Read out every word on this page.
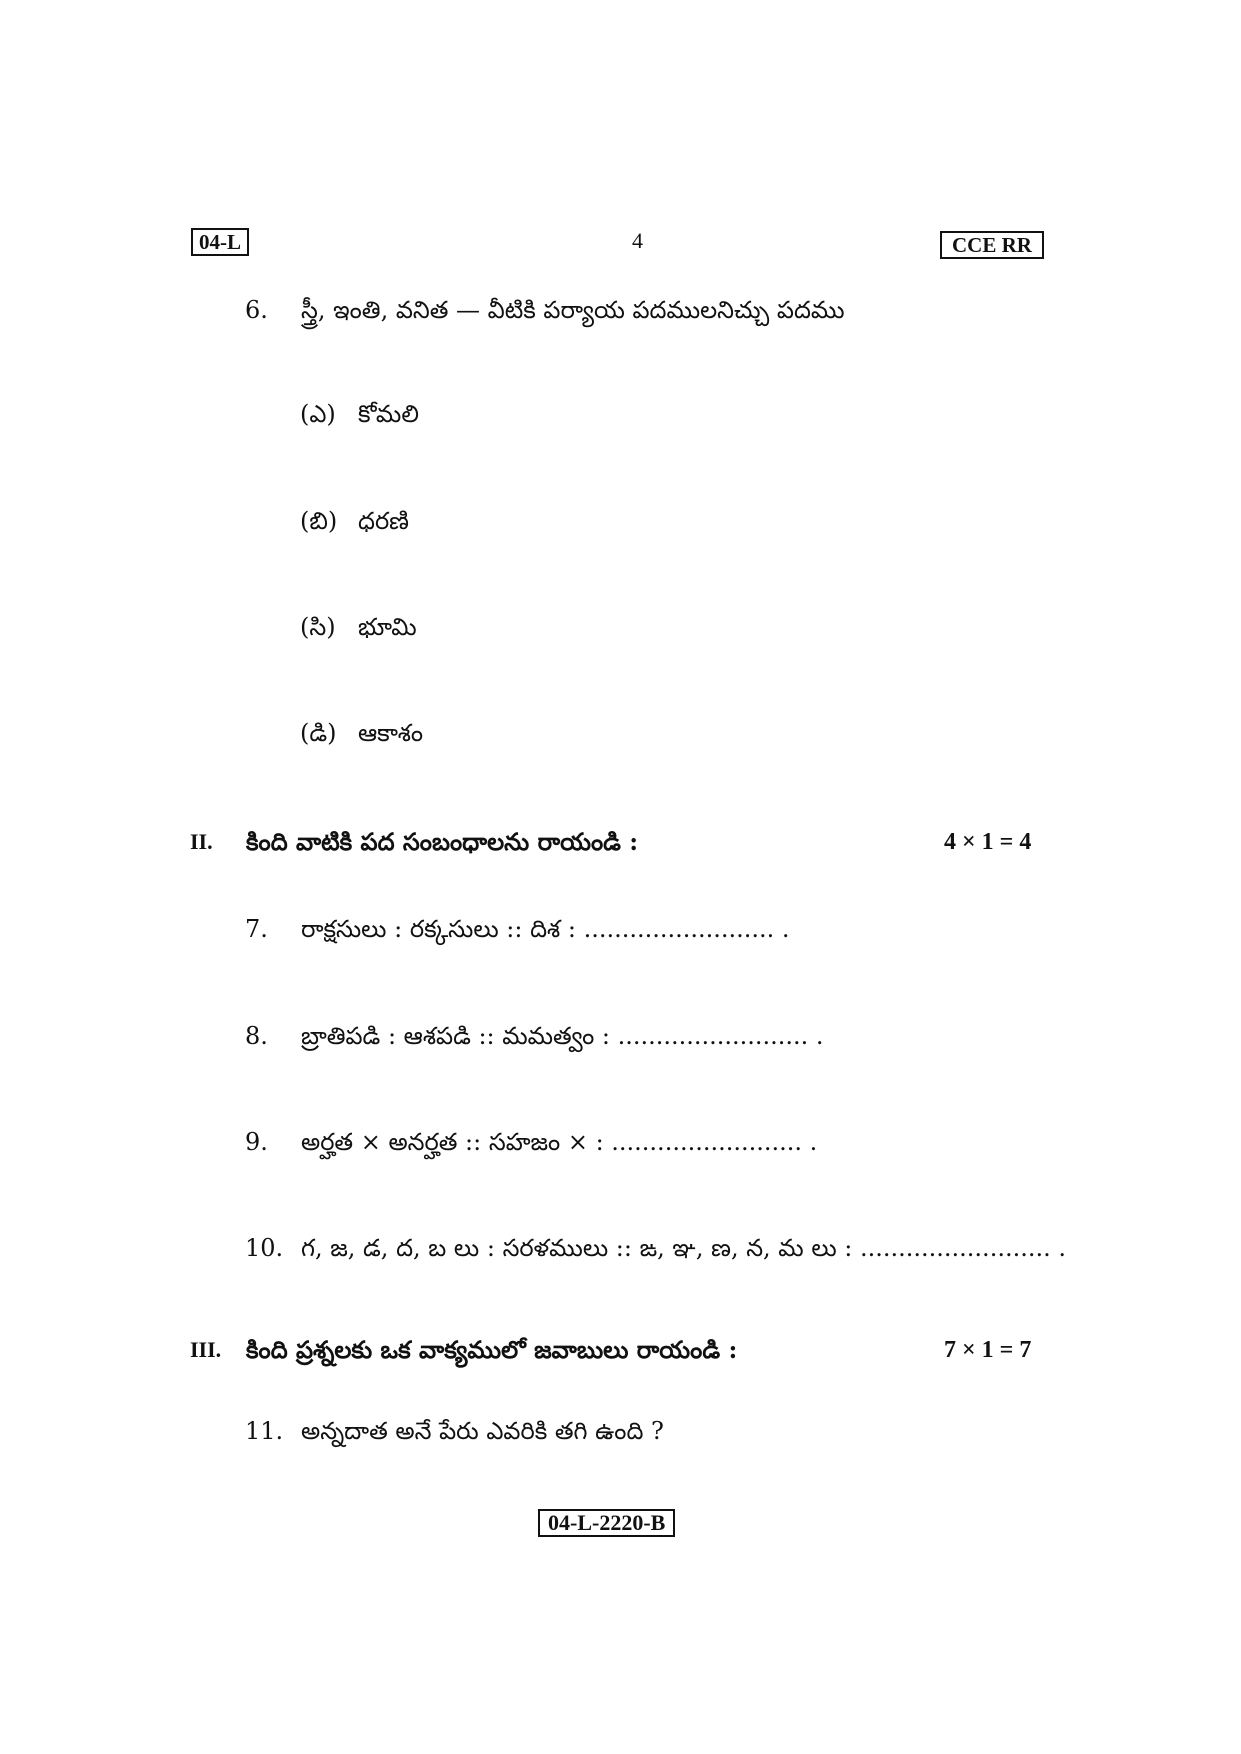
04-L	4	CCE RR
6. స్త్రీ, ఇంతి, వనిత — వీటికి పర్యాయ పదములనిచ్చు పదము
(ఎ) కోమలి
(బి) ధరణి
(సి) భూమి
(డి) ఆకాశం
II. కింది వాటికి పద సంబంధాలను రాయండి :	4 × 1 = 4
7. రాక్షసులు : రక్కసులు :: దిశ : ......................... .
8. బ్రాతిపడి : ఆశపడి :: మమత్వం : ......................... .
9. అర్హత × అనర్హత :: సహజం × : ......................... .
10. గ, జ, డ, ద, బ లు : సరళములు :: ఙ, ఞ, ణ, న, మ లు : ......................... .
III. కింది ప్రశ్నలకు ఒక వాక్యములో జవాబులు రాయండి :	7 × 1 = 7
11. అన్నదాత అనే పేరు ఎవరికి తగి ఉంది ?
04-L-2220-B
